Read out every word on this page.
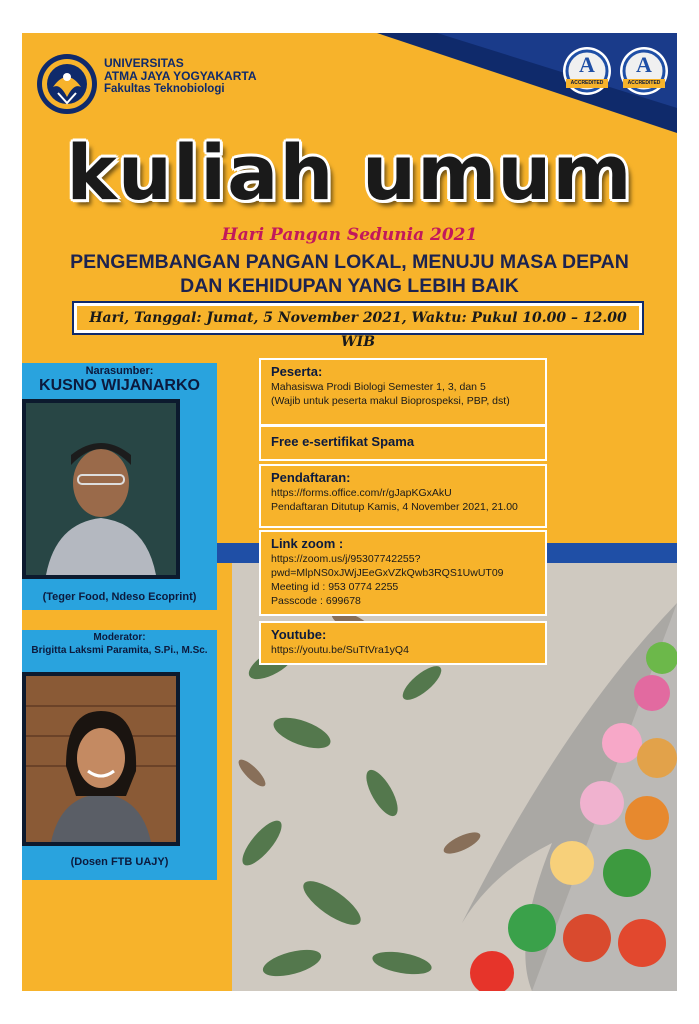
UNIVERSITAS
ATMA JAYA YOGYAKARTA
Fakultas Teknobiologi
A
ACCREDITED
A
ACCREDITED
kuliah umum
Hari Pangan Sedunia 2021
PENGEMBANGAN PANGAN LOKAL, MENUJU MASA DEPAN
DAN KEHIDUPAN YANG LEBIH BAIK
Hari, Tanggal: Jumat, 5 November 2021, Waktu: Pukul 10.00 – 12.00 WIB
Narasumber:
KUSNO WIJANARKO
(Teger Food, Ndeso Ecoprint)
Moderator:
Brigitta Laksmi Paramita, S.Pi., M.Sc.
(Dosen FTB UAJY)
Peserta:
Mahasiswa Prodi Biologi Semester 1, 3, dan 5
(Wajib untuk peserta makul Bioprospeksi, PBP, dst)
Free e-sertifikat Spama
Pendaftaran:
https://forms.office.com/r/gJapKGxAkU
Pendaftaran Ditutup Kamis, 4 November 2021, 21.00
Link zoom :
https://zoom.us/j/95307742255?
pwd=MlpNS0xJWjJEeGxVZkQwb3RQS1UwUT09
Meeting id : 953 0774 2255
Passcode : 699678
Youtube:
https://youtu.be/SuTtVra1yQ4
